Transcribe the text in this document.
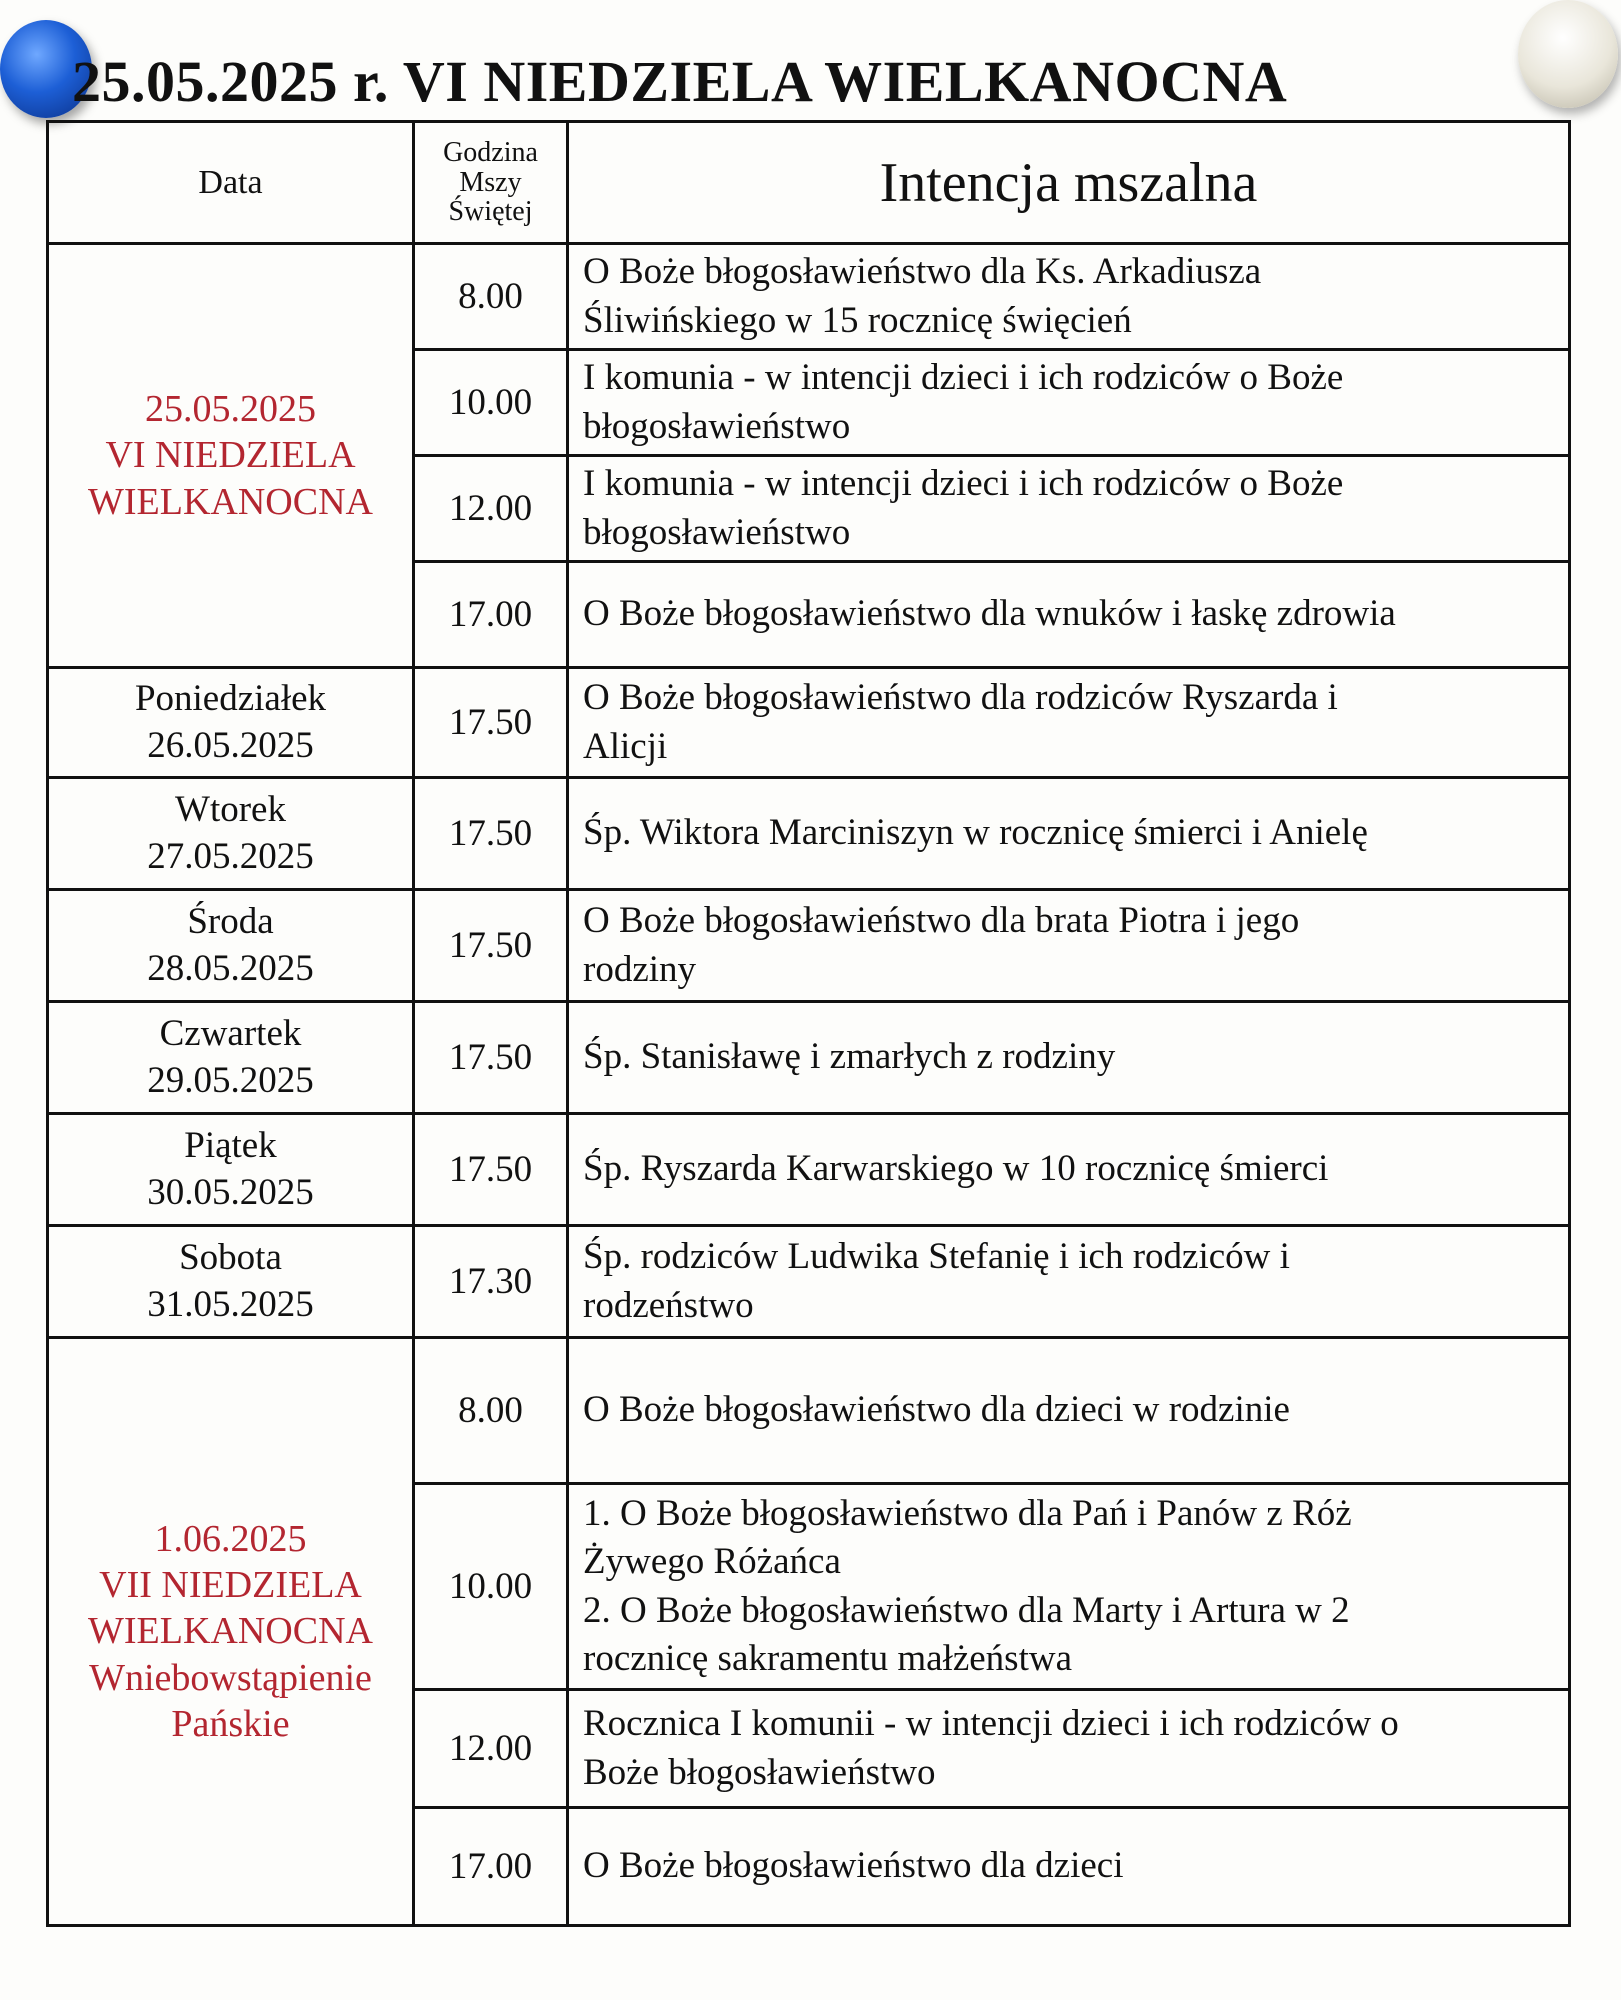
25.05.2025 r. VI NIEDZIELA WIELKANOCNA
Data	Godzina
Mszy
Świętej	Intencja mszalna

25.05.2025
VI NIEDZIELA
WIELKANOCNA	8.00	O Boże błogosławieństwo dla Ks. Arkadiusza
Śliwińskiego w 15 rocznicę święcień

	10.00	I komunia - w intencji dzieci i ich rodziców o Boże
błogosławieństwo

	12.00	I komunia - w intencji dzieci i ich rodziców o Boże
błogosławieństwo

	17.00	O Boże błogosławieństwo dla wnuków i łaskę zdrowia

Poniedziałek
26.05.2025	17.50	O Boże błogosławieństwo dla rodziców Ryszarda i
Alicji

Wtorek
27.05.2025	17.50	Śp. Wiktora Marciniszyn w rocznicę śmierci i Anielę

Środa
28.05.2025	17.50	O Boże błogosławieństwo dla brata Piotra i jego
rodziny

Czwartek
29.05.2025	17.50	Śp. Stanisławę i zmarłych z rodziny

Piątek
30.05.2025	17.50	Śp. Ryszarda Karwarskiego w 10 rocznicę śmierci

Sobota
31.05.2025	17.30	Śp. rodziców Ludwika Stefanię i ich rodziców i
rodzeństwo

1.06.2025
VII NIEDZIELA
WIELKANOCNA
Wniebowstąpienie
Pańskie	8.00	O Boże błogosławieństwo dla dzieci w rodzinie

	10.00	1. O Boże błogosławieństwo dla Pań i Panów z Róż
Żywego Różańca
2. O Boże błogosławieństwo dla Marty i Artura w 2
rocznicę sakramentu małżeństwa

	12.00	Rocznica I komunii - w intencji dzieci i ich rodziców o
Boże błogosławieństwo

	17.00	O Boże błogosławieństwo dla dzieci
